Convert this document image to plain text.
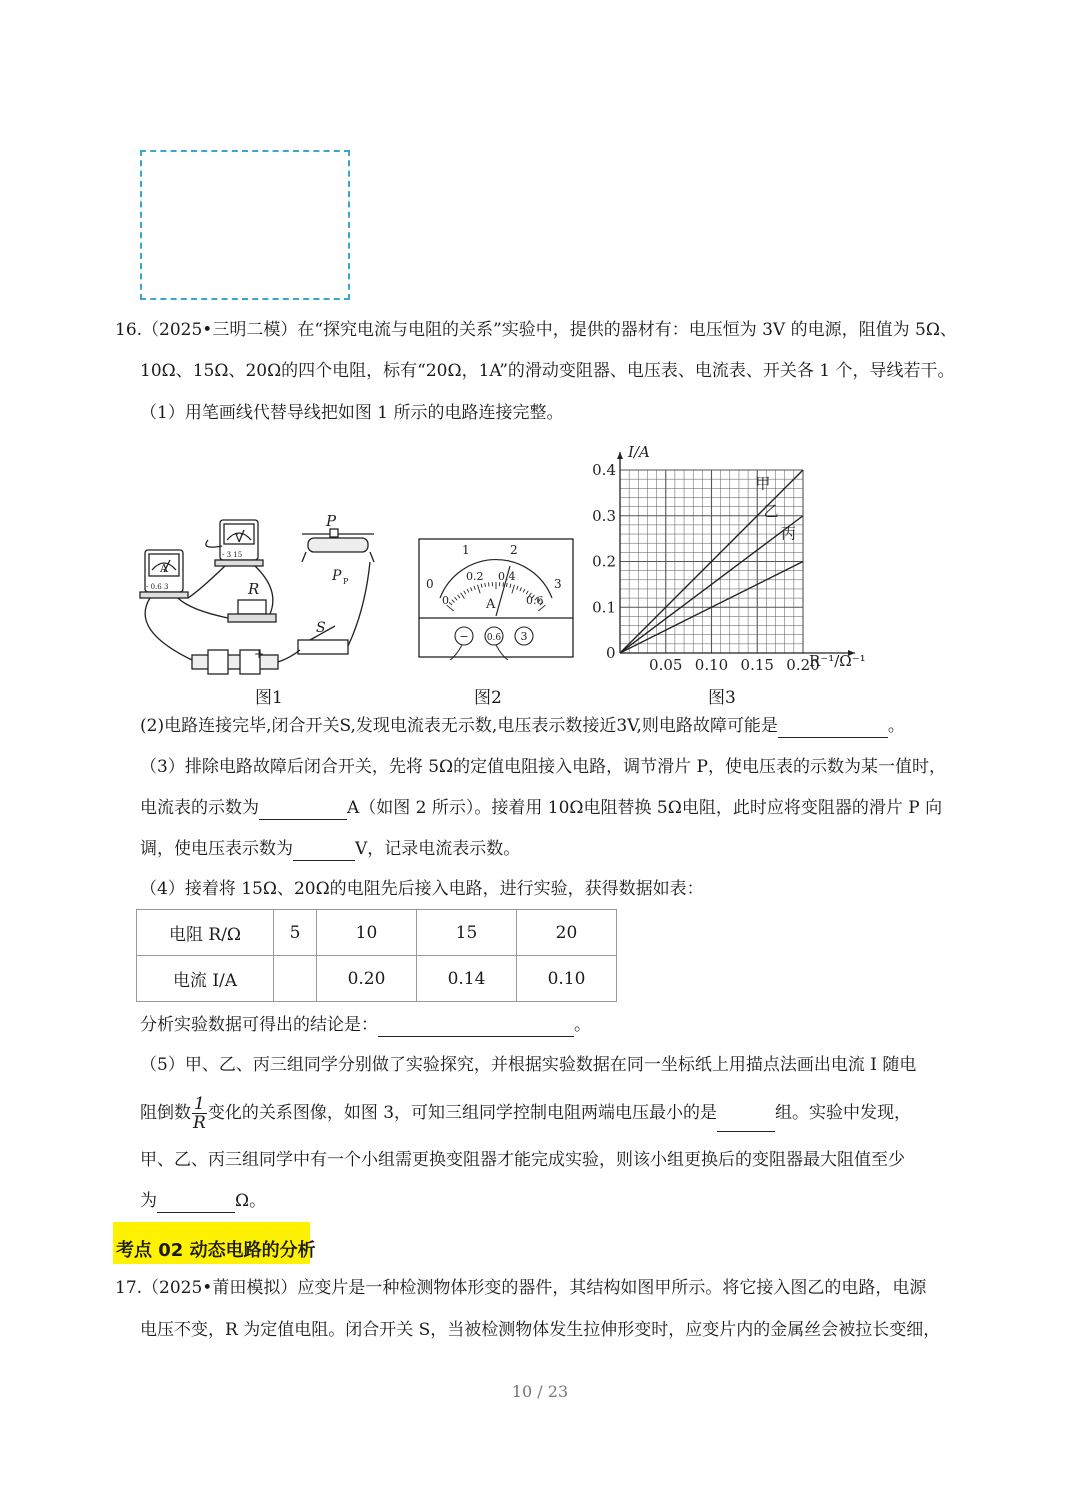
16.（2025•三明二模）在“探究电流与电阻的关系”实验中，提供的器材有：电压恒为 3V 的电源，阻值为 5Ω、
10Ω、15Ω、20Ω的四个电阻，标有“20Ω，1A”的滑动变阻器、电压表、电流表、开关各 1 个，导线若干。
（1）用笔画线代替导线把如图 1 所示的电路连接完整。
A
V
- 0.6 3
- 3 15
R
P
P P
S
+
0
1	2
3
0
0.2 0.4
0.6
A
− 0.6 3
甲
乙
丙
0.05 0.10 0.15 0.20
0.1
0.2
0.3
0.4
0
I/A
R⁻¹/Ω⁻¹
图1	图2	图3
(2)电路连接完毕,闭合开关S,发现电流表无示数,电压表示数接近3V,则电路故障可能是	。
（3）排除电路故障后闭合开关，先将 5Ω的定值电阻接入电路，调节滑片 P，使电压表的示数为某一值时，
电流表的示数为	A（如图 2 所示）。接着用 10Ω电阻替换 5Ω电阻，此时应将变阻器的滑片 P 向
调，使电压表示数为	V，记录电流表示数。
（4）接着将 15Ω、20Ω的电阻先后接入电路，进行实验，获得数据如表：
电阻 R/Ω	5	10	15	20
电流 I/A		0.20	0.14	0.10
分析实验数据可得出的结论是：	。
（5）甲、乙、丙三组同学分别做了实验探究，并根据实验数据在同一坐标纸上用描点法画出电流 I 随电
阻倒数 $\frac{1}{R}$ 变化的关系图像，如图 3，可知三组同学控制电阻两端电压最小的是	组。实验中发现，
甲、乙、丙三组同学中有一个小组需更换变阻器才能完成实验，则该小组更换后的变阻器最大阻值至少
为	Ω。
考点 02 动态电路的分析
17.（2025•莆田模拟）应变片是一种检测物体形变的器件，其结构如图甲所示。将它接入图乙的电路，电源
电压不变，R 为定值电阻。闭合开关 S，当被检测物体发生拉伸形变时，应变片内的金属丝会被拉长变细，
10 / 23
